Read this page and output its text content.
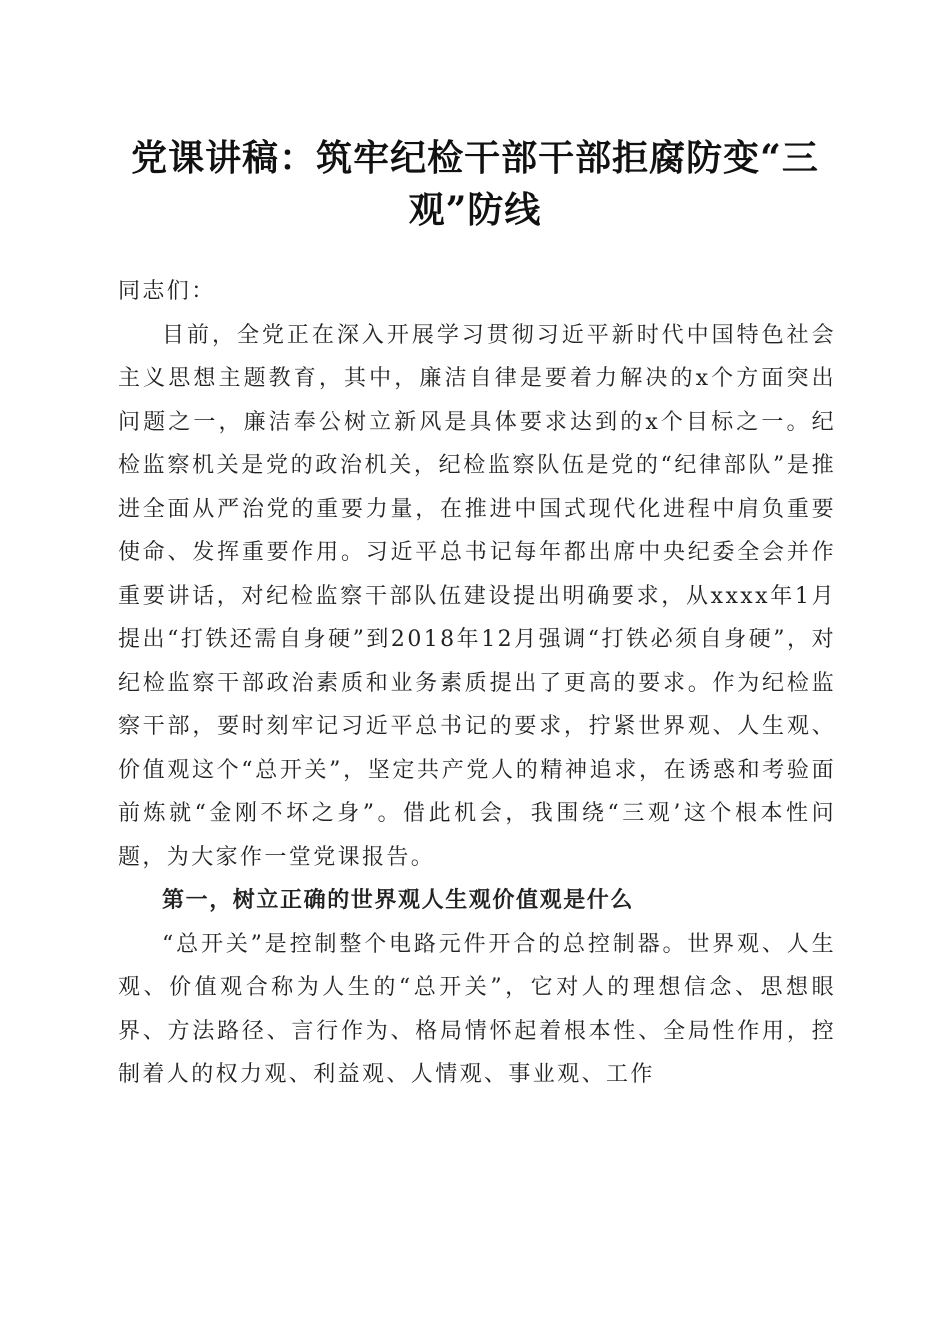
党课讲稿：筑牢纪检干部干部拒腐防变“三观”防线

同志们：

目前，全党正在深入开展学习贯彻习近平新时代中国特色社会主义思想主题教育，其中，廉洁自律是要着力解决的x个方面突出问题之一，廉洁奉公树立新风是具体要求达到的x个目标之一。纪检监察机关是党的政治机关，纪检监察队伍是党的“纪律部队”是推进全面从严治党的重要力量，在推进中国式现代化进程中肩负重要使命、发挥重要作用。习近平总书记每年都出席中央纪委全会并作重要讲话，对纪检监察干部队伍建设提出明确要求，从xxxx年1月提出“打铁还需自身硬”到2018年12月强调“打铁必须自身硬”，对纪检监察干部政治素质和业务素质提出了更高的要求。作为纪检监察干部，要时刻牢记习近平总书记的要求，拧紧世界观、人生观、价值观这个“总开关”，坚定共产党人的精神追求，在诱惑和考验面前炼就“金刚不坏之身”。借此机会，我围绕“三观’这个根本性问题，为大家作一堂党课报告。

第一，树立正确的世界观人生观价值观是什么

“总开关”是控制整个电路元件开合的总控制器。世界观、人生观、价值观合称为人生的“总开关”，它对人的理想信念、思想眼界、方法路径、言行作为、格局情怀起着根本性、全局性作用，控制着人的权力观、利益观、人情观、事业观、工作
